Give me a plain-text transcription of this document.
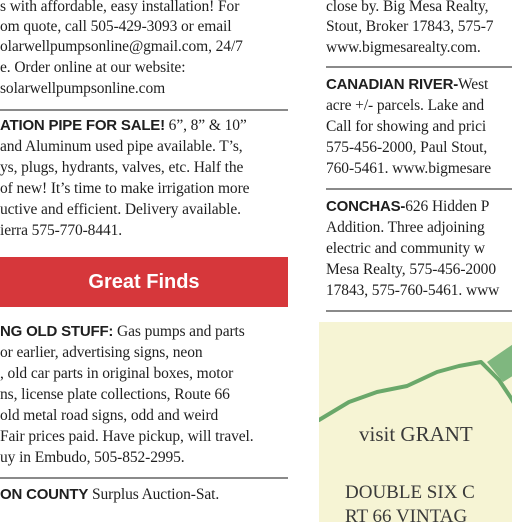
s with affordable, easy installation! For
om quote, call 505-429-3093 or email
olarwellpumpsonline@gmail.com, 24/7
e. Order online at our website:
solarwellpumpsonline.com
ATION PIPE FOR SALE! 6”, 8” & 10”
and Aluminum used pipe available. T’s,
ys, plugs, hydrants, valves, etc. Half the
of new! It’s time to make irrigation more
uctive and efficient. Delivery available.
ierra 575-770-8441.
Great Finds
NG OLD STUFF: Gas pumps and parts
or earlier, advertising signs, neon
, old car parts in original boxes, motor
ns, license plate collections, Route 66
old metal road signs, odd and weird
Fair prices paid. Have pickup, will travel.
uy in Embudo, 505-852-2995.
ON COUNTY Surplus Auction-Sat.
close by. Big Mesa Realty,
Stout, Broker 17843, 575-7
www.bigmesarealty.com.
CANADIAN RIVER-West
acre +/- parcels. Lake and
Call for showing and prici
575-456-2000, Paul Stout,
760-5461. www.bigmesare
CONCHAS-626 Hidden P
Addition. Three adjoining
electric and community w
Mesa Realty, 575-456-2000
17843, 575-760-5461. www
visit GRANT
DOUBLE SIX C
RT 66 VINTAG
